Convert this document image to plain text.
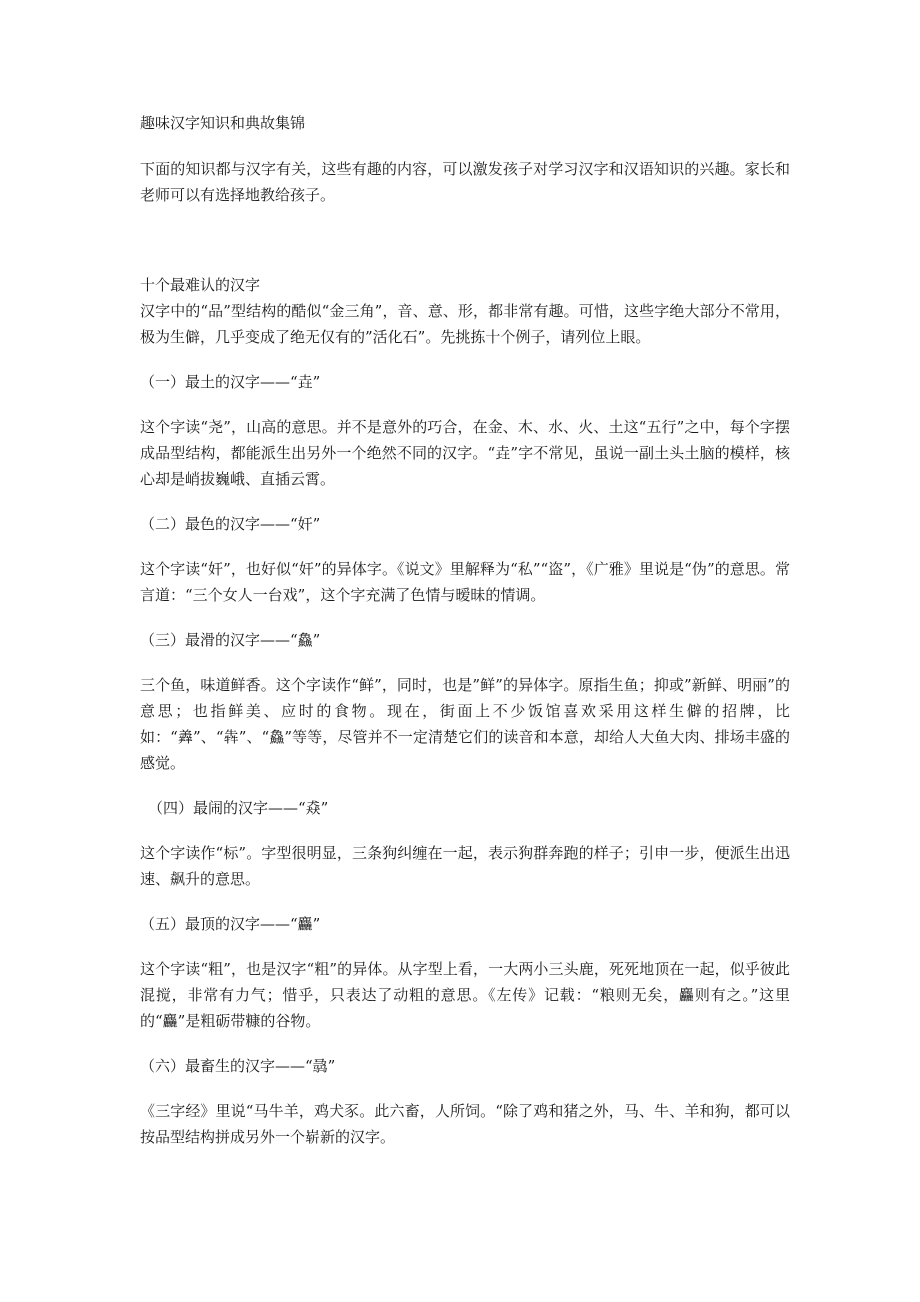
趣味汉字知识和典故集锦
下面的知识都与汉字有关，这些有趣的内容，可以激发孩子对学习汉字和汉语知识的兴趣。家长和老师可以有选择地教给孩子。
十个最难认的汉字
汉字中的“品”型结构的酷似“金三角”，音、意、形，都非常有趣。可惜，这些字绝大部分不常用，极为生僻，几乎变成了绝无仅有的”活化石”。先挑拣十个例子，请列位上眼。
（一）最土的汉字——“垚”
这个字读“尧”，山高的意思。并不是意外的巧合，在金、木、水、火、土这“五行”之中，每个字摆成品型结构，都能派生出另外一个绝然不同的汉字。“垚”字不常见，虽说一副土头土脑的模样，核心却是峭拔巍峨、直插云霄。
（二）最色的汉字——“奸”
这个字读“奸”，也好似“奸”的异体字。《说文》里解释为“私”“盗”，《广雅》里说是“伪”的意思。常言道：“三个女人一台戏”，这个字充满了色情与暧昧的情调。
（三）最滑的汉字——“鱻”
三个鱼，味道鲜香。这个字读作“鲜”，同时，也是”鲜”的异体字。原指生鱼；抑或”新鲜、明丽”的意思；也指鲜美、应时的食物。现在，街面上不少饭馆喜欢采用这样生僻的招牌，比如：“羴”、“犇”、“鱻”等等，尽管并不一定清楚它们的读音和本意，却给人大鱼大肉、排场丰盛的感觉。
（四）最闹的汉字——“猋”
这个字读作“标”。字型很明显，三条狗纠缠在一起，表示狗群奔跑的样子；引申一步，便派生出迅速、飙升的意思。
（五）最顶的汉字——“麤”
这个字读“粗”，也是汉字“粗”的异体。从字型上看，一大两小三头鹿，死死地顶在一起，似乎彼此混搅，非常有力气；惜乎，只表达了动粗的意思。《左传》记载：“粮则无矣，麤则有之。”这里的“麤”是粗砺带糠的谷物。
（六）最畜生的汉字——“骉”
《三字经》里说“马牛羊，鸡犬豕。此六畜，人所饲。“除了鸡和猪之外，马、牛、羊和狗，都可以按品型结构拼成另外一个崭新的汉字。
